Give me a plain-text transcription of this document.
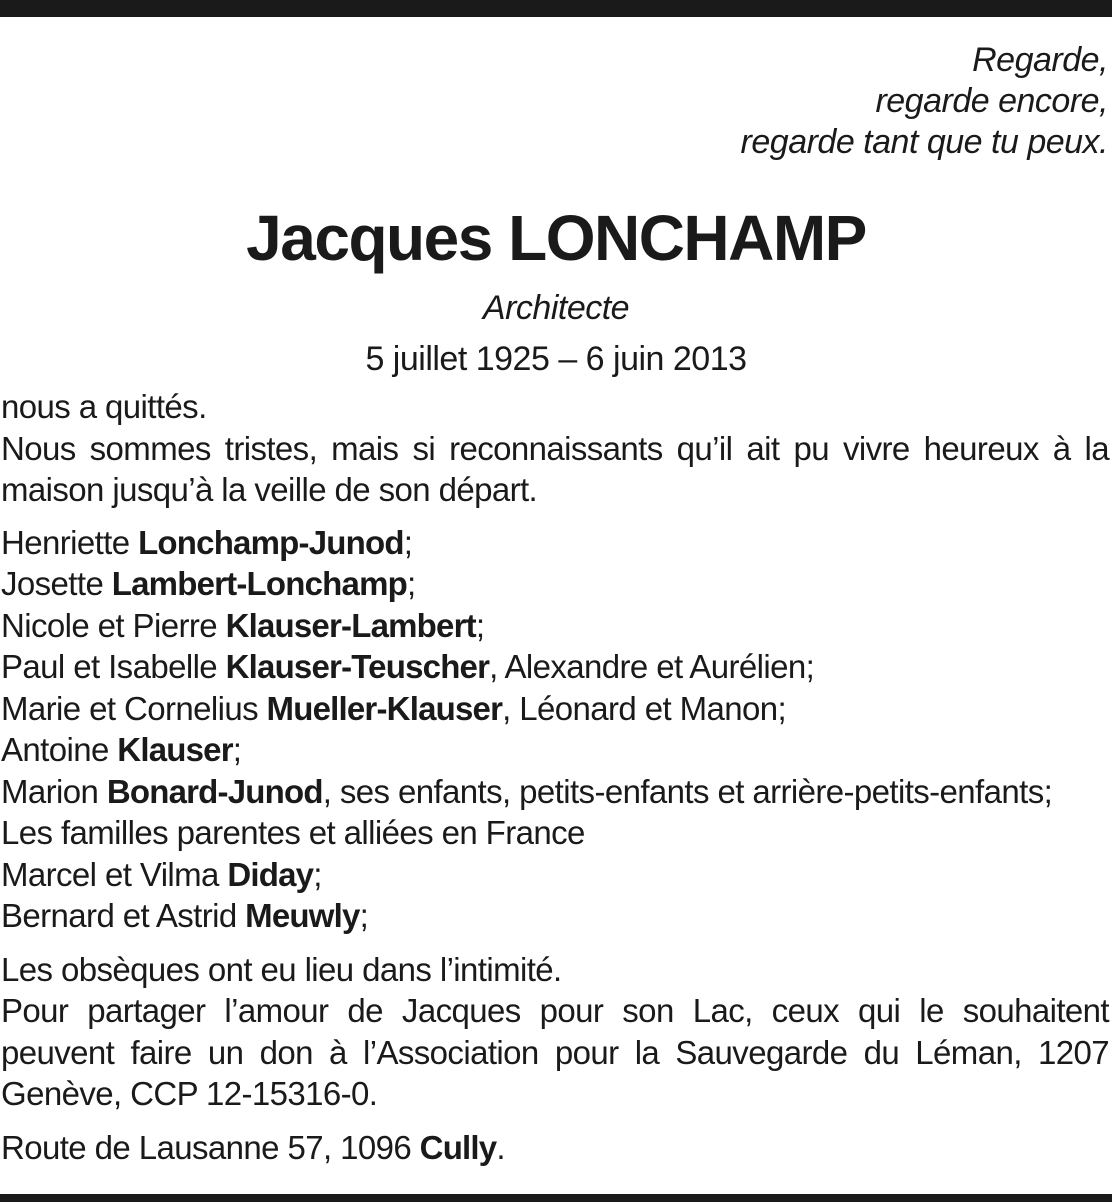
Regarde,
regarde encore,
regarde tant que tu peux.
Jacques LONCHAMP
Architecte
5 juillet 1925 – 6 juin 2013

nous a quittés.

Nous sommes tristes, mais si reconnaissants qu’il ait pu vivre heureux à la maison jusqu’à la veille de son départ.

Henriette Lonchamp-Junod;

Josette Lambert-Lonchamp;

Nicole et Pierre Klauser-Lambert;

Paul et Isabelle Klauser-Teuscher, Alexandre et Aurélien;

Marie et Cornelius Mueller-Klauser, Léonard et Manon;

Antoine Klauser;

Marion Bonard-Junod, ses enfants, petits-enfants et arrière-petits-enfants;

Les familles parentes et alliées en France

Marcel et Vilma Diday;

Bernard et Astrid Meuwly;

Les obsèques ont eu lieu dans l’intimité.

Pour partager l’amour de Jacques pour son Lac, ceux qui le souhaitent peuvent faire un don à l’Association pour la Sauvegarde du Léman, 1207 Genève, CCP 12-15316-0.

Route de Lausanne 57, 1096 Cully.
